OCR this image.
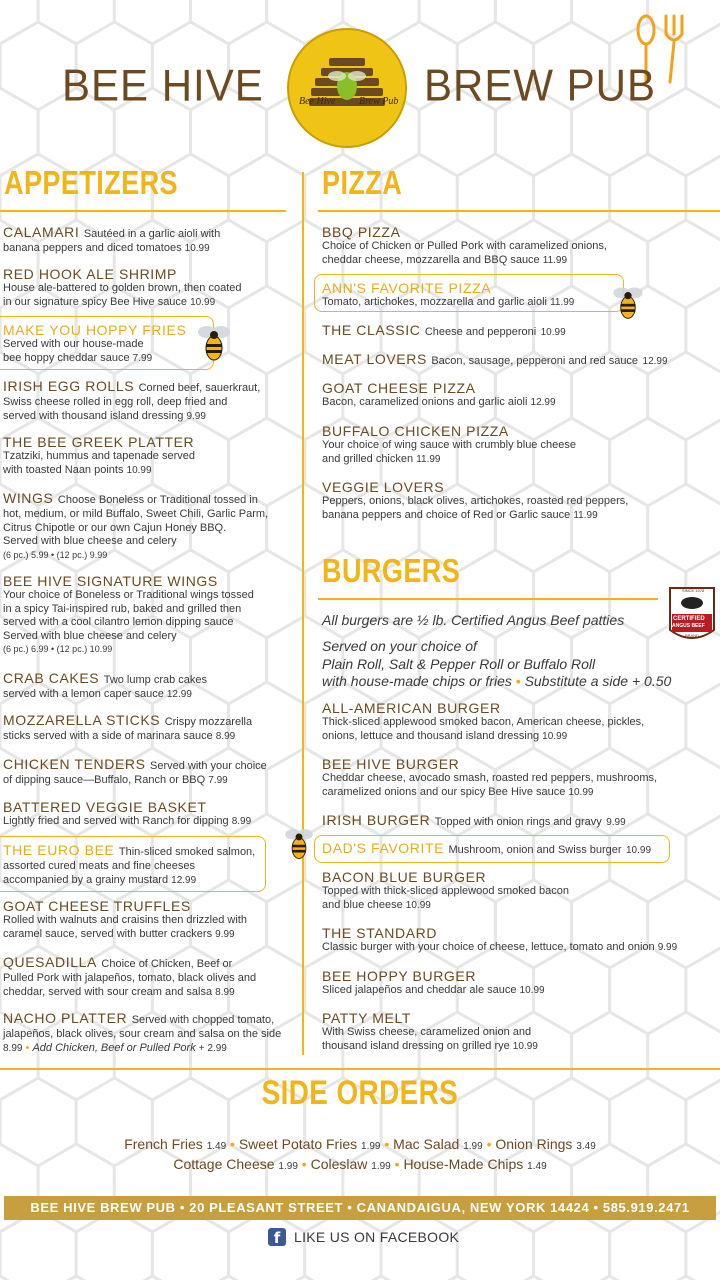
BEE HIVE	BREW PUB
Bee Hive Brew Pub
APPETIZERS
CALAMARI Sautéed in a garlic aioli with
banana peppers and diced tomatoes 10.99
RED HOOK ALE SHRIMP
House ale-battered to golden brown, then coated
in our signature spicy Bee Hive sauce 10.99
MAKE YOU HOPPY FRIES
Served with our house-made
bee hoppy cheddar sauce 7.99
IRISH EGG ROLLS Corned beef, sauerkraut,
Swiss cheese rolled in egg roll, deep fried and
served with thousand island dressing 9.99
THE BEE GREEK PLATTER
Tzatziki, hummus and tapenade served
with toasted Naan points 10.99
WINGS Choose Boneless or Traditional tossed in
hot, medium, or mild Buffalo, Sweet Chili, Garlic Parm,
Citrus Chipotle or our own Cajun Honey BBQ.
Served with blue cheese and celery
(6 pc.) 5.99 • (12 pc.) 9.99
BEE HIVE SIGNATURE WINGS
Your choice of Boneless or Traditional wings tossed
in a spicy Tai-inspired rub, baked and grilled then
served with a cool cilantro lemon dipping sauce
Served with blue cheese and celery
(6 pc.) 6.99 • (12 pc.) 10.99
CRAB CAKES Two lump crab cakes
served with a lemon caper sauce 12.99
MOZZARELLA STICKS Crispy mozzarella
sticks served with a side of marinara sauce 8.99
CHICKEN TENDERS Served with your choice
of dipping sauce—Buffalo, Ranch or BBQ 7.99
BATTERED VEGGIE BASKET
Lightly fried and served with Ranch for dipping 8.99
THE EURO BEE Thin-sliced smoked salmon,
assorted cured meats and fine cheeses
accompanied by a grainy mustard 12.99
GOAT CHEESE TRUFFLES
Rolled with walnuts and craisins then drizzled with
caramel sauce, served with butter crackers 9.99
QUESADILLA Choice of Chicken, Beef or
Pulled Pork with jalapeños, tomato, black olives and
cheddar, served with sour cream and salsa 8.99
NACHO PLATTER Served with chopped tomato,
jalapeños, black olives, sour cream and salsa on the side
8.99 • Add Chicken, Beef or Pulled Pork + 2.99
PIZZA
BBQ PIZZA
Choice of Chicken or Pulled Pork with caramelized onions,
cheddar cheese, mozzarella and BBQ sauce 11.99
ANN'S FAVORITE PIZZA
Tomato, artichokes, mozzarella and garlic aioli 11.99
THE CLASSIC Cheese and pepperoni 10.99
MEAT LOVERS Bacon, sausage, pepperoni and red sauce 12.99
GOAT CHEESE PIZZA
Bacon, caramelized onions and garlic aioli 12.99
BUFFALO CHICKEN PIZZA
Your choice of wing sauce with crumbly blue cheese
and grilled chicken 11.99
VEGGIE LOVERS
Peppers, onions, black olives, artichokes, roasted red peppers,
banana peppers and choice of Red or Garlic sauce 11.99
BURGERS
SINCE 1978
CERTIFIED
ANGUS BEEF
BRAND
All burgers are ½ lb. Certified Angus Beef patties
Served on your choice of
Plain Roll, Salt & Pepper Roll or Buffalo Roll
with house-made chips or fries • Substitute a side + 0.50
ALL-AMERICAN BURGER
Thick-sliced applewood smoked bacon, American cheese, pickles,
onions, lettuce and thousand island dressing 10.99
BEE HIVE BURGER
Cheddar cheese, avocado smash, roasted red peppers, mushrooms,
caramelized onions and our spicy Bee Hive sauce 10.99
IRISH BURGER Topped with onion rings and gravy 9.99
DAD'S FAVORITE Mushroom, onion and Swiss burger 10.99
BACON BLUE BURGER
Topped with thick-sliced applewood smoked bacon
and blue cheese 10.99
THE STANDARD
Classic burger with your choice of cheese, lettuce, tomato and onion 9.99
BEE HOPPY BURGER
Sliced jalapeños and cheddar ale sauce 10.99
PATTY MELT
With Swiss cheese, caramelized onion and
thousand island dressing on grilled rye 10.99
SIDE ORDERS
French Fries 1.49 • Sweet Potato Fries 1.99 • Mac Salad 1.99 • Onion Rings 3.49
Cottage Cheese 1.99 • Coleslaw 1.99 • House-Made Chips 1.49
BEE HIVE BREW PUB • 20 PLEASANT STREET • CANANDAIGUA, NEW YORK 14424 • 585.919.2471
f LIKE US ON FACEBOOK
